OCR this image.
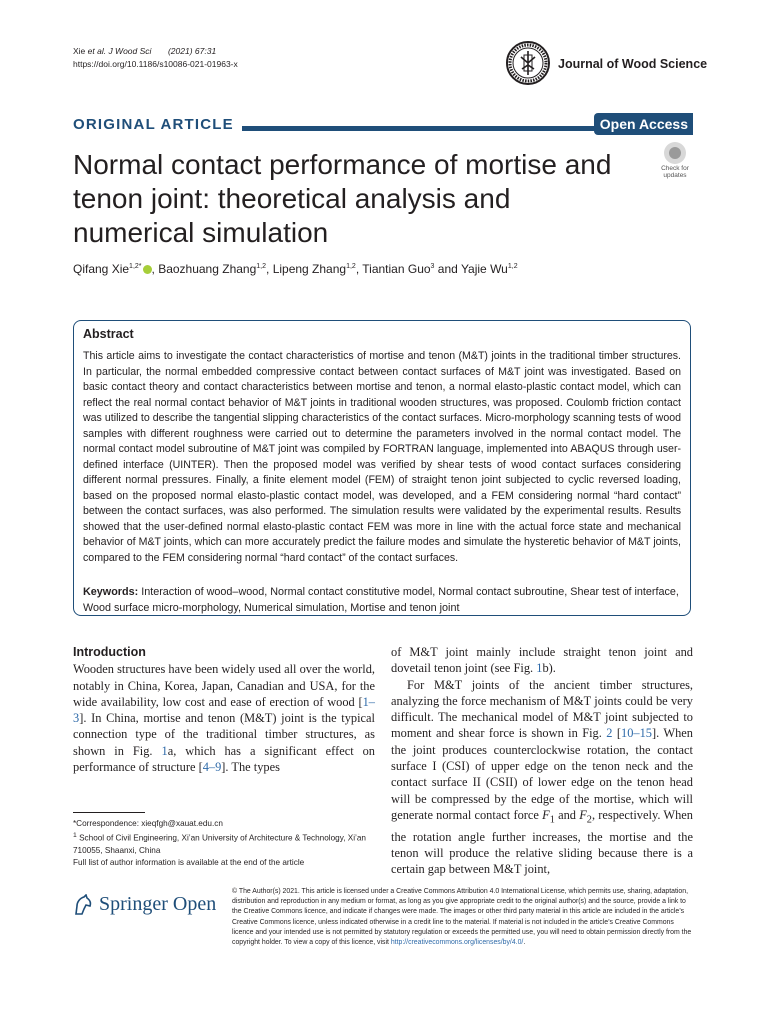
Xie et al. J Wood Sci (2021) 67:31
https://doi.org/10.1186/s10086-021-01963-x	Journal of Wood Science
ORIGINAL ARTICLE	Open Access
Normal contact performance of mortise and tenon joint: theoretical analysis and numerical simulation
Check for updates
Qifang Xie$^{1,2*}$ , Baozhuang Zhang$^{1,2}$, Lipeng Zhang$^{1,2}$, Tiantian Guo$^3$ and Yajie Wu$^{1,2}$
Abstract
This article aims to investigate the contact characteristics of mortise and tenon (M&T) joints in the traditional timber structures. In particular, the normal embedded compressive contact between contact surfaces of M&T joint was investigated. Based on basic contact theory and contact characteristics between mortise and tenon, a normal elasto-plastic contact model, which can reflect the real normal contact behavior of M&T joints in traditional wooden structures, was proposed. Coulomb friction contact was utilized to describe the tangential slipping characteristics of the contact surfaces. Micro-morphology scanning tests of wood samples with different roughness were carried out to determine the parameters involved in the normal contact model. The normal contact model subroutine of M&T joint was compiled by FORTRAN language, implemented into ABAQUS through user-defined interface (UINTER). Then the proposed model was verified by shear tests of wood contact surfaces considering different normal pressures. Finally, a finite element model (FEM) of straight tenon joint subjected to cyclic reversed loading, based on the proposed normal elasto-plastic contact model, was developed, and a FEM considering normal “hard contact” between the contact surfaces, was also performed. The simulation results were validated by the experimental results. Results showed that the user-defined normal elasto-plastic contact FEM was more in line with the actual force state and mechanical behavior of M&T joints, which can more accurately predict the failure modes and simulate the hysteretic behavior of M&T joints, compared to the FEM considering normal “hard contact” of the contact surfaces.
Keywords: Interaction of wood–wood, Normal contact constitutive model, Normal contact subroutine, Shear test of interface, Wood surface micro-morphology, Numerical simulation, Mortise and tenon joint
Introduction
Wooden structures have been widely used all over the world, notably in China, Korea, Japan, Canadian and USA, for the wide availability, low cost and ease of erection of wood [1–3]. In China, mortise and tenon (M&T) joint is the typical connection type of the traditional timber structures, as shown in Fig. 1a, which has a significant effect on performance of structure [4–9]. The types
of M&T joint mainly include straight tenon joint and dovetail tenon joint (see Fig. 1b).
For M&T joints of the ancient timber structures, analyzing the force mechanism of M&T joints could be very difficult. The mechanical model of M&T joint subjected to moment and shear force is shown in Fig. 2 [10–15]. When the joint produces counterclockwise rotation, the contact surface I (CSI) of upper edge on the tenon neck and the contact surface II (CSII) of lower edge on the tenon head will be compressed by the edge of the mortise, which will generate normal contact force $F_1$ and $F_2$, respectively. When the rotation angle further increases, the mortise and the tenon will produce the relative sliding because there is a certain gap between M&T joint,
*Correspondence: xieqfgh@xauat.edu.cn
$^1$ School of Civil Engineering, Xi’an University of Architecture & Technology, Xi’an 710055, Shaanxi, China
Full list of author information is available at the end of the article
Springer Open
© The Author(s) 2021. This article is licensed under a Creative Commons Attribution 4.0 International License, which permits use, sharing, adaptation, distribution and reproduction in any medium or format, as long as you give appropriate credit to the original author(s) and the source, provide a link to the Creative Commons licence, and indicate if changes were made. The images or other third party material in this article are included in the article’s Creative Commons licence, unless indicated otherwise in a credit line to the material. If material is not included in the article’s Creative Commons licence and your intended use is not permitted by statutory regulation or exceeds the permitted use, you will need to obtain permission directly from the copyright holder. To view a copy of this licence, visit http://creativecommons.org/licenses/by/4.0/.
